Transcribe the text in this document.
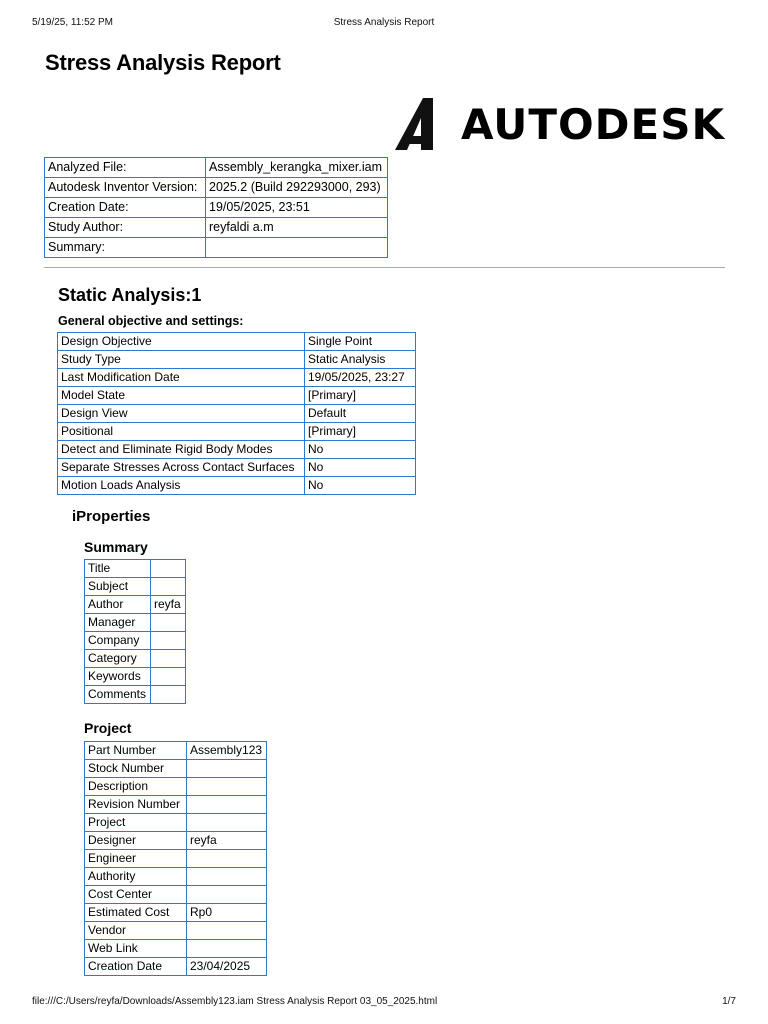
5/19/25, 11:52 PM	Stress Analysis Report
Stress Analysis Report
AUTODESK
Analyzed File:	Assembly_kerangka_mixer.iam
Autodesk Inventor Version:	2025.2 (Build 292293000, 293)
Creation Date:	19/05/2025, 23:51
Study Author:	reyfaldi a.m
Summary:	
Static Analysis:1
General objective and settings:
Design Objective	Single Point
Study Type	Static Analysis
Last Modification Date	19/05/2025, 23:27
Model State	[Primary]
Design View	Default
Positional	[Primary]
Detect and Eliminate Rigid Body Modes	No
Separate Stresses Across Contact Surfaces	No
Motion Loads Analysis	No
iProperties
Summary
Title	
Subject	
Author	reyfa
Manager	
Company	
Category	
Keywords	
Comments	
Project
Part Number	Assembly123
Stock Number	
Description	
Revision Number	
Project	
Designer	reyfa
Engineer	
Authority	
Cost Center	
Estimated Cost	Rp0
Vendor	
Web Link	
Creation Date	23/04/2025
file:///C:/Users/reyfa/Downloads/Assembly123.iam Stress Analysis Report 03_05_2025.html	1/7
